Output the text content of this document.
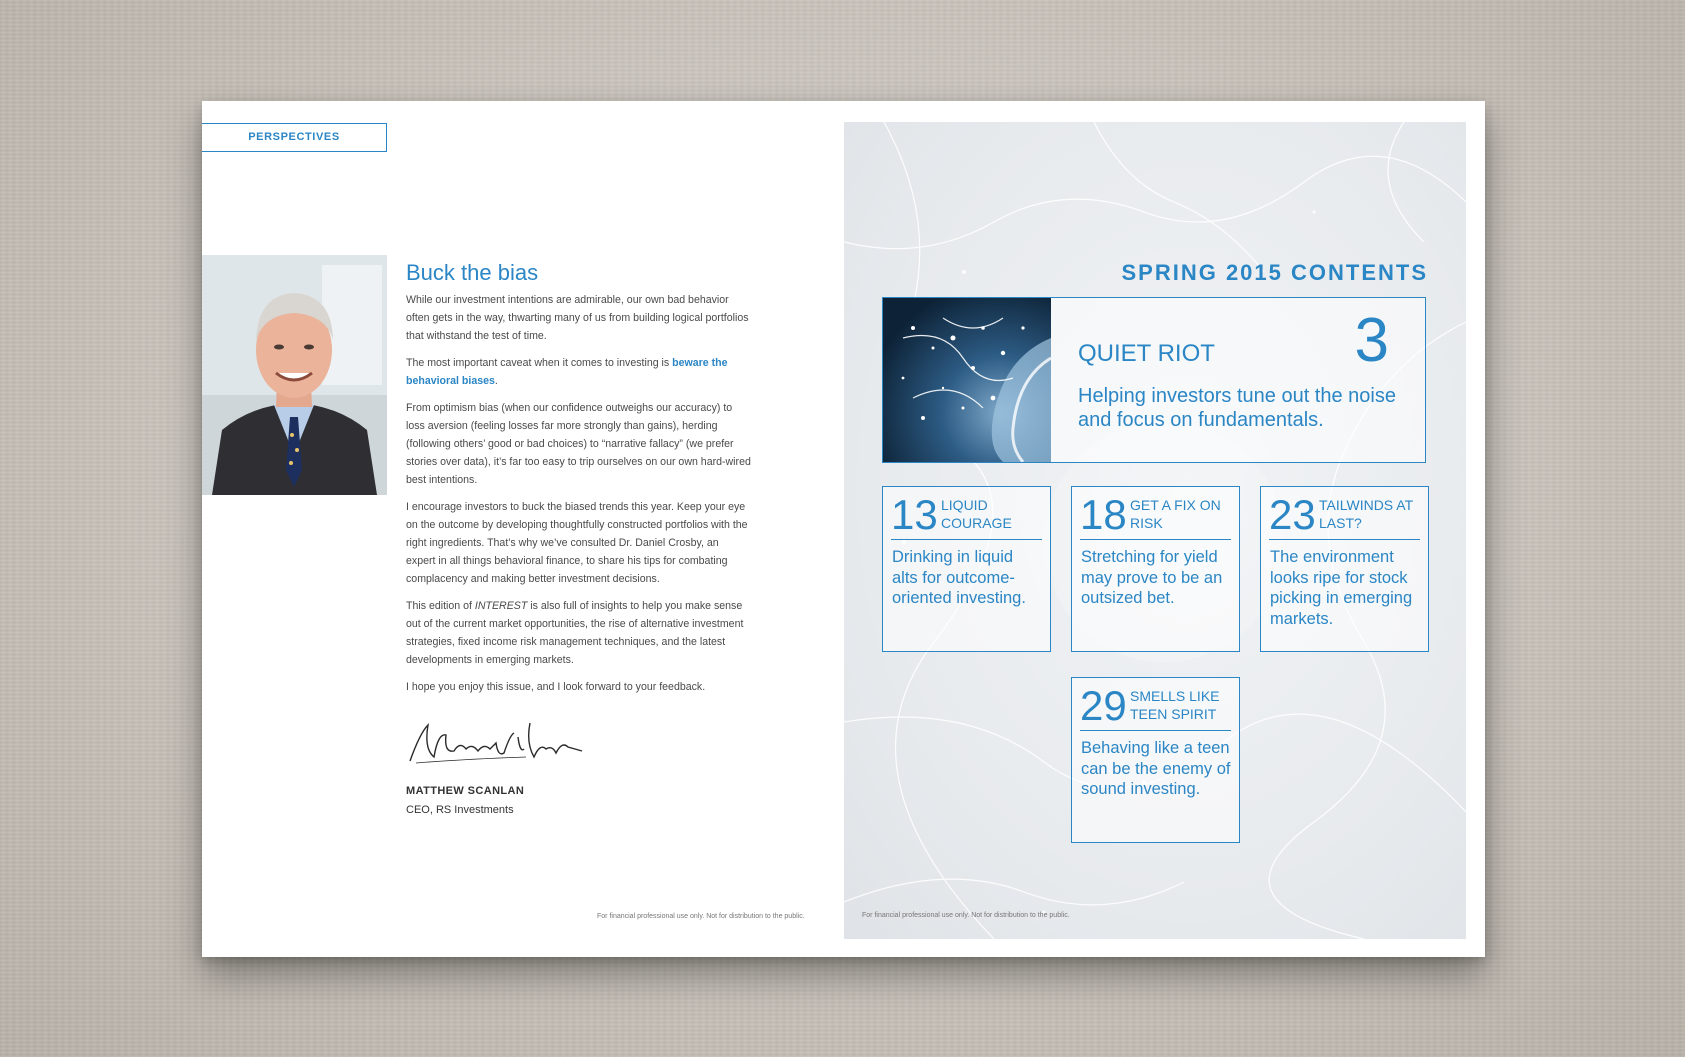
PERSPECTIVES
Buck the bias

While our investment intentions are admirable, our own bad behavior often gets in the way, thwarting many of us from building logical portfolios that withstand the test of time.

The most important caveat when it comes to investing is beware the behavioral biases.

From optimism bias (when our confidence outweighs our accuracy) to loss aversion (feeling losses far more strongly than gains), herding (following others’ good or bad choices) to “narrative fallacy” (we prefer stories over data), it’s far too easy to trip ourselves on our own hard-wired best intentions.

I encourage investors to buck the biased trends this year. Keep your eye on the outcome by developing thoughtfully constructed portfolios with the right ingredients. That’s why we’ve consulted Dr. Daniel Crosby, an expert in all things behavioral finance, to share his tips for combating complacency and making better investment decisions.

This edition of INTEREST is also full of insights to help you make sense out of the current market opportunities, the rise of alternative investment strategies, fixed income risk management techniques, and the latest developments in emerging markets.

I hope you enjoy this issue, and I look forward to your feedback.

MATTHEW SCANLAN
CEO, RS Investments
For financial professional use only. Not for distribution to the public.
SPRING 2015 CONTENTS
QUIET RIOT 3
Helping investors tune out the noise and focus on fundamentals.
13 LIQUID COURAGE
Drinking in liquid alts for outcome-oriented investing.
18 GET A FIX ON RISK
Stretching for yield may prove to be an outsized bet.
23 TAILWINDS AT LAST?
The environment looks ripe for stock picking in emerging markets.
29 SMELLS LIKE TEEN SPIRIT
Behaving like a teen can be the enemy of sound investing.
For financial professional use only. Not for distribution to the public.
